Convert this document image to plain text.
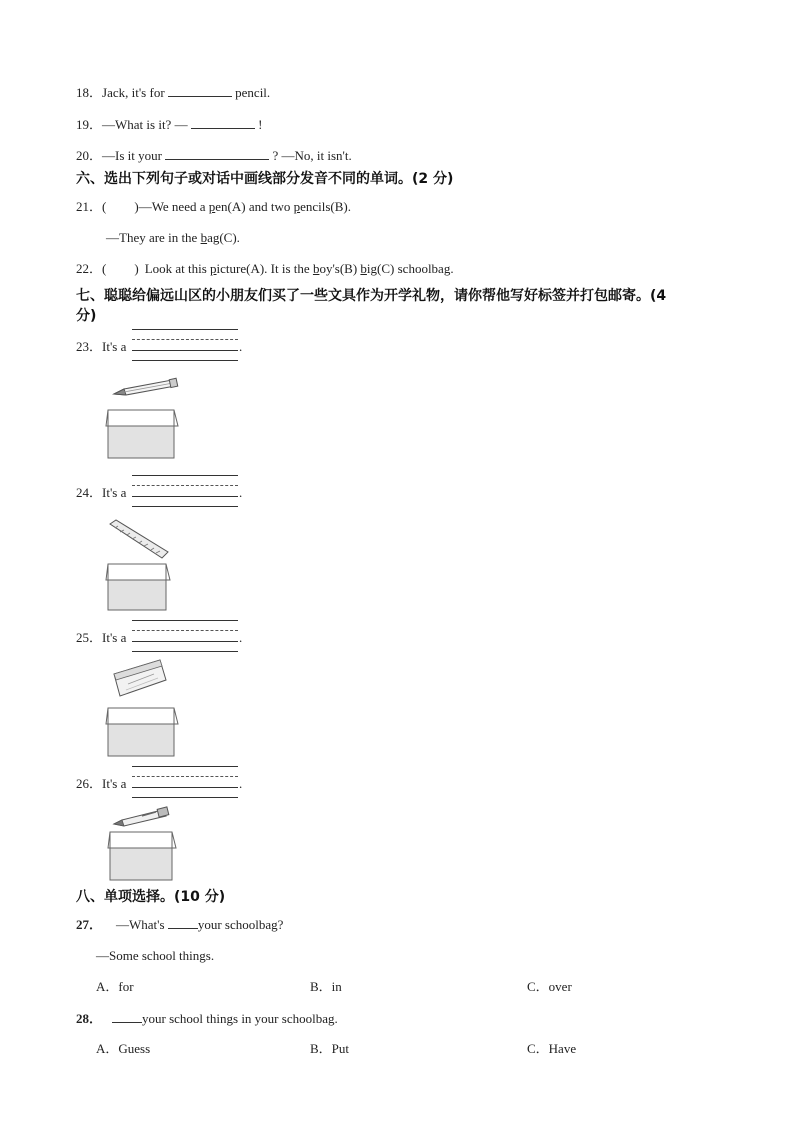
18．Jack, it's for	pencil.
19．—What is it? —	!
20．—Is it your	? —No, it isn't.
六、选出下列句子或对话中画线部分发音不同的单词。(2 分)
21．( )—We need a pen(A) and two pencils(B).
—They are in the bag(C).
22．( ) Look at this picture(A). It is the boy's(B) big(C) schoolbag.
七、聪聪给偏远山区的小朋友们买了一些文具作为开学礼物，请你帮他写好标签并打包邮寄。(4
分)
23．It's a	.
24．It's a	.
25．It's a	.
26．It's a	.
八、单项选择。(10 分)
27． —What's	your schoolbag?
—Some school things.
A．for	B．in	C．over
28．	your school things in your schoolbag.
A．Guess	B．Put	C．Have
